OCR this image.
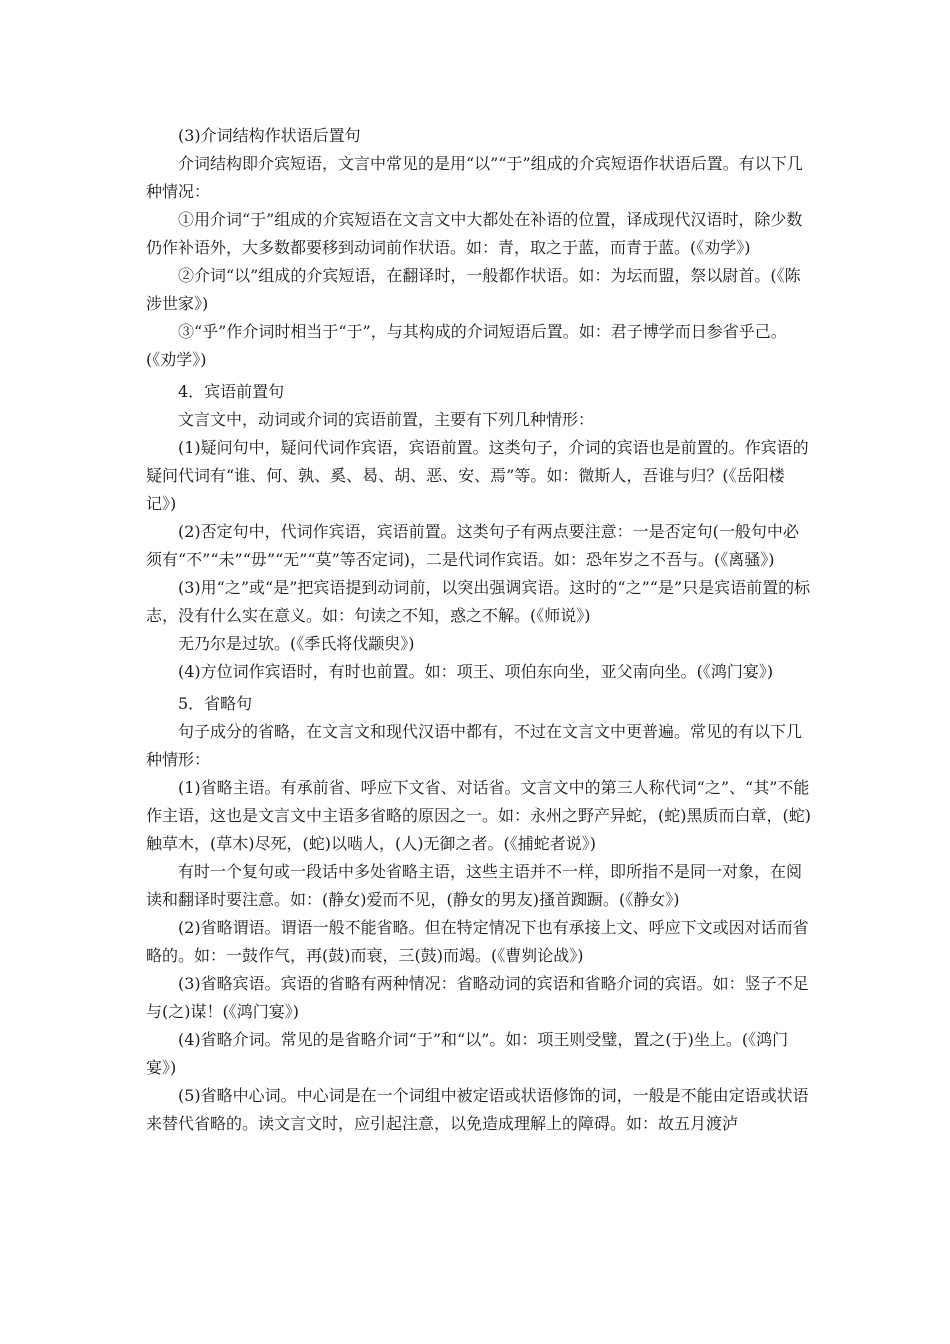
(3)介词结构作状语后置句

介词结构即介宾短语，文言中常见的是用“以”“于”组成的介宾短语作状语后置。有以下几种情况：

①用介词“于”组成的介宾短语在文言文中大都处在补语的位置，译成现代汉语时，除少数仍作补语外，大多数都要移到动词前作状语。如：青，取之于蓝，而青于蓝。(《劝学》)

②介词“以”组成的介宾短语，在翻译时，一般都作状语。如：为坛而盟，祭以尉首。(《陈涉世家》)

③“乎”作介词时相当于“于”，与其构成的介词短语后置。如：君子博学而日参省乎己。(《劝学》)

4．宾语前置句

文言文中，动词或介词的宾语前置，主要有下列几种情形：

(1)疑问句中，疑问代词作宾语，宾语前置。这类句子，介词的宾语也是前置的。作宾语的疑问代词有“谁、何、孰、奚、曷、胡、恶、安、焉”等。如：微斯人，吾谁与归？(《岳阳楼记》)

(2)否定句中，代词作宾语，宾语前置。这类句子有两点要注意：一是否定句(一般句中必须有“不”“未”“毋”“无”“莫”等否定词)，二是代词作宾语。如：恐年岁之不吾与。(《离骚》)

(3)用“之”或“是”把宾语提到动词前，以突出强调宾语。这时的“之”“是”只是宾语前置的标志，没有什么实在意义。如：句读之不知，惑之不解。(《师说》)

无乃尔是过欤。(《季氏将伐颛臾》)

(4)方位词作宾语时，有时也前置。如：项王、项伯东向坐，亚父南向坐。(《鸿门宴》)

5．省略句

句子成分的省略，在文言文和现代汉语中都有，不过在文言文中更普遍。常见的有以下几种情形：

(1)省略主语。有承前省、呼应下文省、对话省。文言文中的第三人称代词“之”、“其”不能作主语，这也是文言文中主语多省略的原因之一。如：永州之野产异蛇，(蛇)黑质而白章，(蛇)触草木，(草木)尽死，(蛇)以啮人，(人)无御之者。(《捕蛇者说》)

有时一个复句或一段话中多处省略主语，这些主语并不一样，即所指不是同一对象，在阅读和翻译时要注意。如：(静女)爱而不见，(静女的男友)搔首踟蹰。(《静女》)

(2)省略谓语。谓语一般不能省略。但在特定情况下也有承接上文、呼应下文或因对话而省略的。如：一鼓作气，再(鼓)而衰，三(鼓)而竭。(《曹刿论战》)

(3)省略宾语。宾语的省略有两种情况：省略动词的宾语和省略介词的宾语。如：竖子不足与(之)谋！(《鸿门宴》)

(4)省略介词。常见的是省略介词“于”和“以”。如：项王则受璧，置之(于)坐上。(《鸿门宴》)

(5)省略中心词。中心词是在一个词组中被定语或状语修饰的词，一般是不能由定语或状语来替代省略的。读文言文时，应引起注意，以免造成理解上的障碍。如：故五月渡泸
